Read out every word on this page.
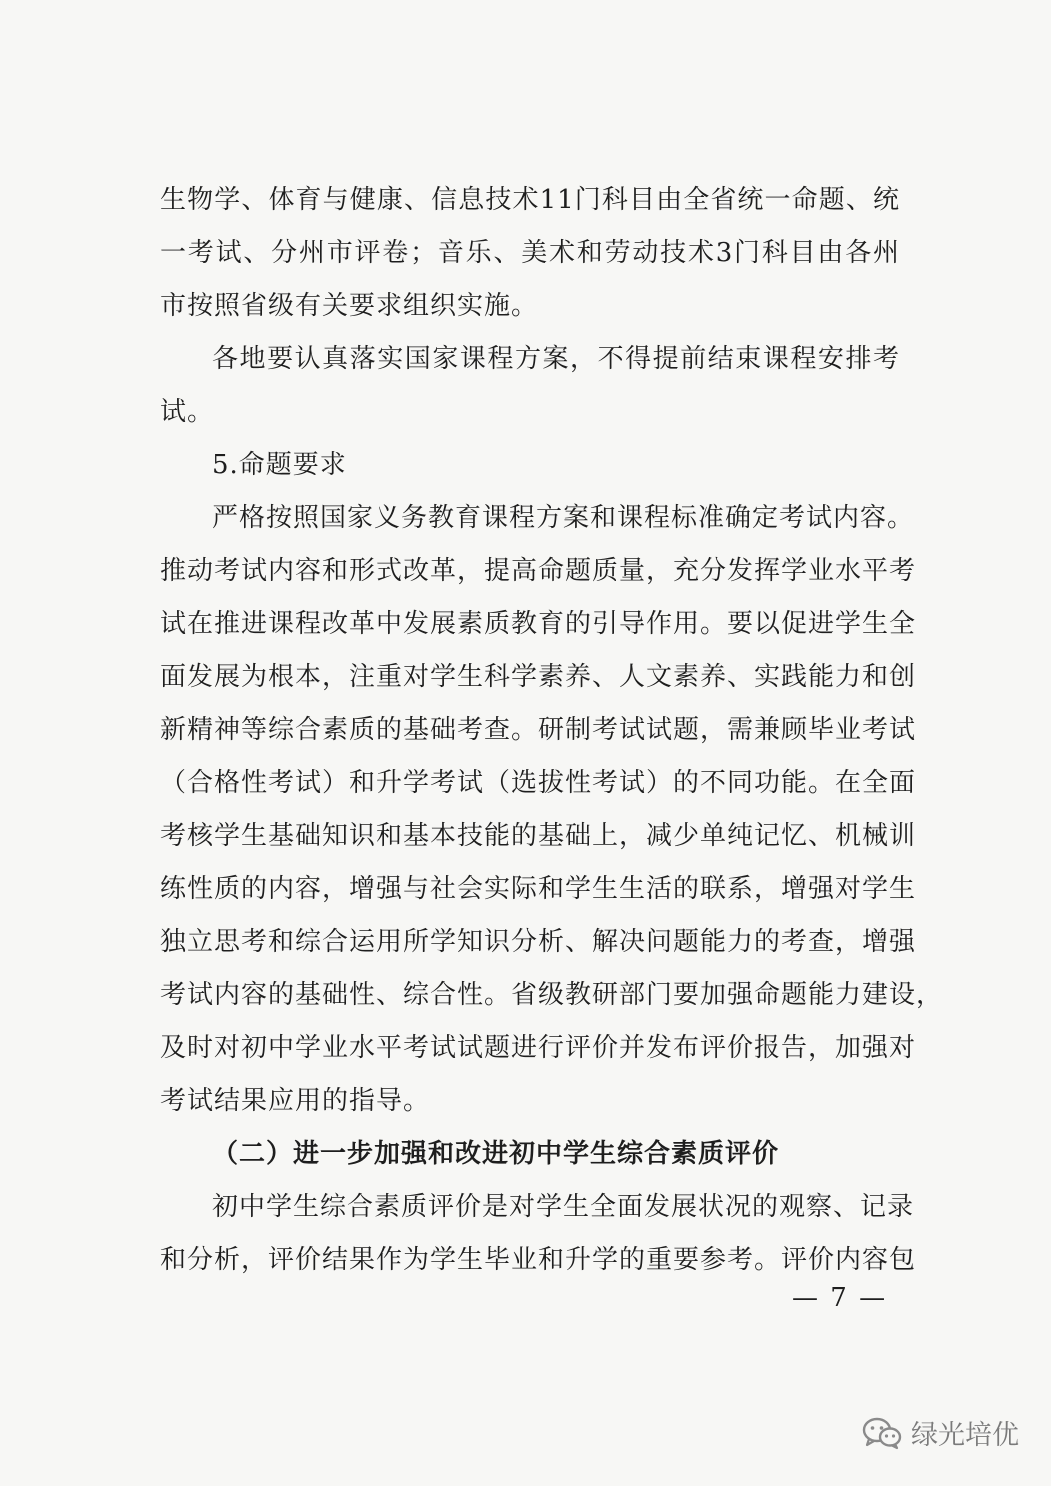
生物学、体育与健康、信息技术11门科目由全省统一命题、统一考试、分州市评卷；音乐、美术和劳动技术3门科目由各州市按照省级有关要求组织实施。

各地要认真落实国家课程方案，不得提前结束课程安排考试。

5.命题要求

严格按照国家义务教育课程方案和课程标准确定考试内容。

推动考试内容和形式改革，提高命题质量，充分发挥学业水平考

试在推进课程改革中发展素质教育的引导作用。要以促进学生全

面发展为根本，注重对学生科学素养、人文素养、实践能力和创

新精神等综合素质的基础考查。研制考试试题，需兼顾毕业考试

（合格性考试）和升学考试（选拔性考试）的不同功能。在全面

考核学生基础知识和基本技能的基础上，减少单纯记忆、机械训

练性质的内容，增强与社会实际和学生生活的联系，增强对学生

独立思考和综合运用所学知识分析、解决问题能力的考查，增强

考试内容的基础性、综合性。省级教研部门要加强命题能力建设，

及时对初中学业水平考试试题进行评价并发布评价报告，加强对

考试结果应用的指导。

（二）进一步加强和改进初中学生综合素质评价

初中学生综合素质评价是对学生全面发展状况的观察、记录

和分析，评价结果作为学生毕业和升学的重要参考。评价内容包

— 7 —
绿光培优
